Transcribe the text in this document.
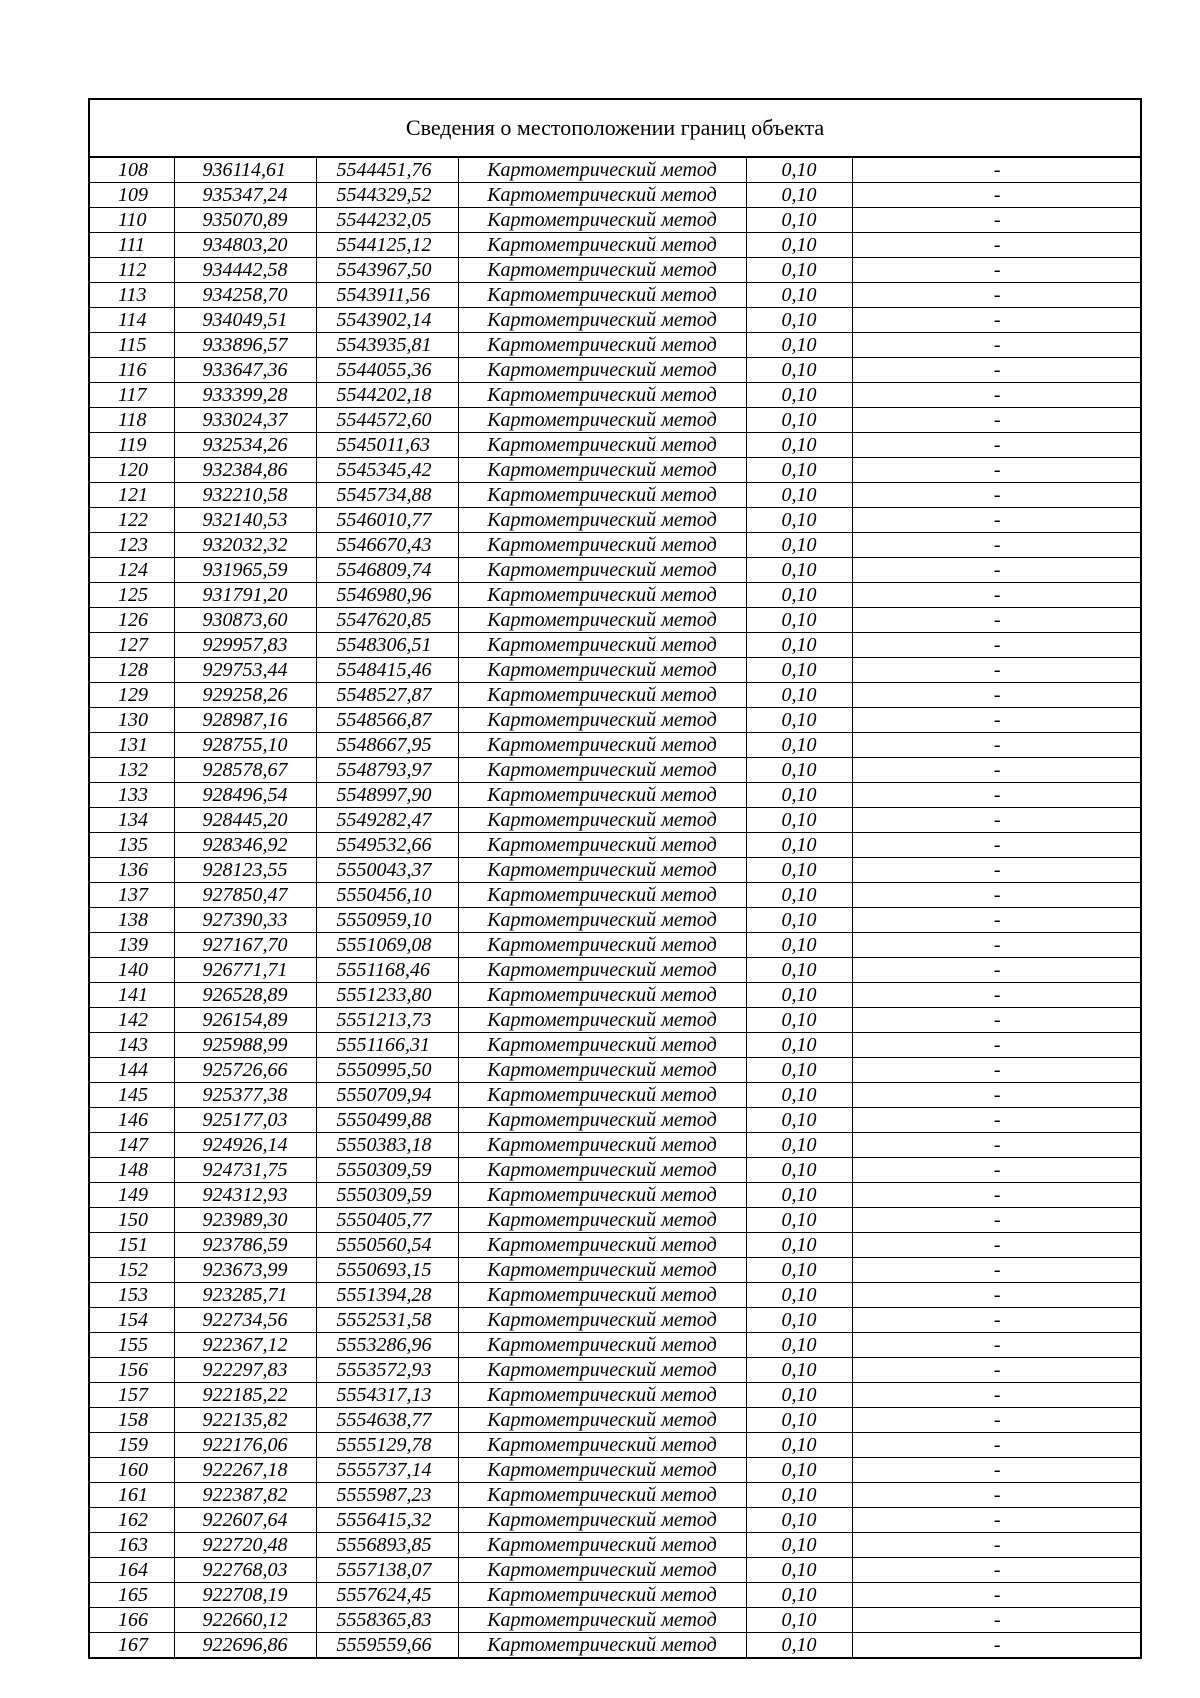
Сведения о местоположении границ объекта
108	936114,61	5544451,76	Картометрический метод	0,10	-
109	935347,24	5544329,52	Картометрический метод	0,10	-
110	935070,89	5544232,05	Картометрический метод	0,10	-
111	934803,20	5544125,12	Картометрический метод	0,10	-
112	934442,58	5543967,50	Картометрический метод	0,10	-
113	934258,70	5543911,56	Картометрический метод	0,10	-
114	934049,51	5543902,14	Картометрический метод	0,10	-
115	933896,57	5543935,81	Картометрический метод	0,10	-
116	933647,36	5544055,36	Картометрический метод	0,10	-
117	933399,28	5544202,18	Картометрический метод	0,10	-
118	933024,37	5544572,60	Картометрический метод	0,10	-
119	932534,26	5545011,63	Картометрический метод	0,10	-
120	932384,86	5545345,42	Картометрический метод	0,10	-
121	932210,58	5545734,88	Картометрический метод	0,10	-
122	932140,53	5546010,77	Картометрический метод	0,10	-
123	932032,32	5546670,43	Картометрический метод	0,10	-
124	931965,59	5546809,74	Картометрический метод	0,10	-
125	931791,20	5546980,96	Картометрический метод	0,10	-
126	930873,60	5547620,85	Картометрический метод	0,10	-
127	929957,83	5548306,51	Картометрический метод	0,10	-
128	929753,44	5548415,46	Картометрический метод	0,10	-
129	929258,26	5548527,87	Картометрический метод	0,10	-
130	928987,16	5548566,87	Картометрический метод	0,10	-
131	928755,10	5548667,95	Картометрический метод	0,10	-
132	928578,67	5548793,97	Картометрический метод	0,10	-
133	928496,54	5548997,90	Картометрический метод	0,10	-
134	928445,20	5549282,47	Картометрический метод	0,10	-
135	928346,92	5549532,66	Картометрический метод	0,10	-
136	928123,55	5550043,37	Картометрический метод	0,10	-
137	927850,47	5550456,10	Картометрический метод	0,10	-
138	927390,33	5550959,10	Картометрический метод	0,10	-
139	927167,70	5551069,08	Картометрический метод	0,10	-
140	926771,71	5551168,46	Картометрический метод	0,10	-
141	926528,89	5551233,80	Картометрический метод	0,10	-
142	926154,89	5551213,73	Картометрический метод	0,10	-
143	925988,99	5551166,31	Картометрический метод	0,10	-
144	925726,66	5550995,50	Картометрический метод	0,10	-
145	925377,38	5550709,94	Картометрический метод	0,10	-
146	925177,03	5550499,88	Картометрический метод	0,10	-
147	924926,14	5550383,18	Картометрический метод	0,10	-
148	924731,75	5550309,59	Картометрический метод	0,10	-
149	924312,93	5550309,59	Картометрический метод	0,10	-
150	923989,30	5550405,77	Картометрический метод	0,10	-
151	923786,59	5550560,54	Картометрический метод	0,10	-
152	923673,99	5550693,15	Картометрический метод	0,10	-
153	923285,71	5551394,28	Картометрический метод	0,10	-
154	922734,56	5552531,58	Картометрический метод	0,10	-
155	922367,12	5553286,96	Картометрический метод	0,10	-
156	922297,83	5553572,93	Картометрический метод	0,10	-
157	922185,22	5554317,13	Картометрический метод	0,10	-
158	922135,82	5554638,77	Картометрический метод	0,10	-
159	922176,06	5555129,78	Картометрический метод	0,10	-
160	922267,18	5555737,14	Картометрический метод	0,10	-
161	922387,82	5555987,23	Картометрический метод	0,10	-
162	922607,64	5556415,32	Картометрический метод	0,10	-
163	922720,48	5556893,85	Картометрический метод	0,10	-
164	922768,03	5557138,07	Картометрический метод	0,10	-
165	922708,19	5557624,45	Картометрический метод	0,10	-
166	922660,12	5558365,83	Картометрический метод	0,10	-
167	922696,86	5559559,66	Картометрический метод	0,10	-
